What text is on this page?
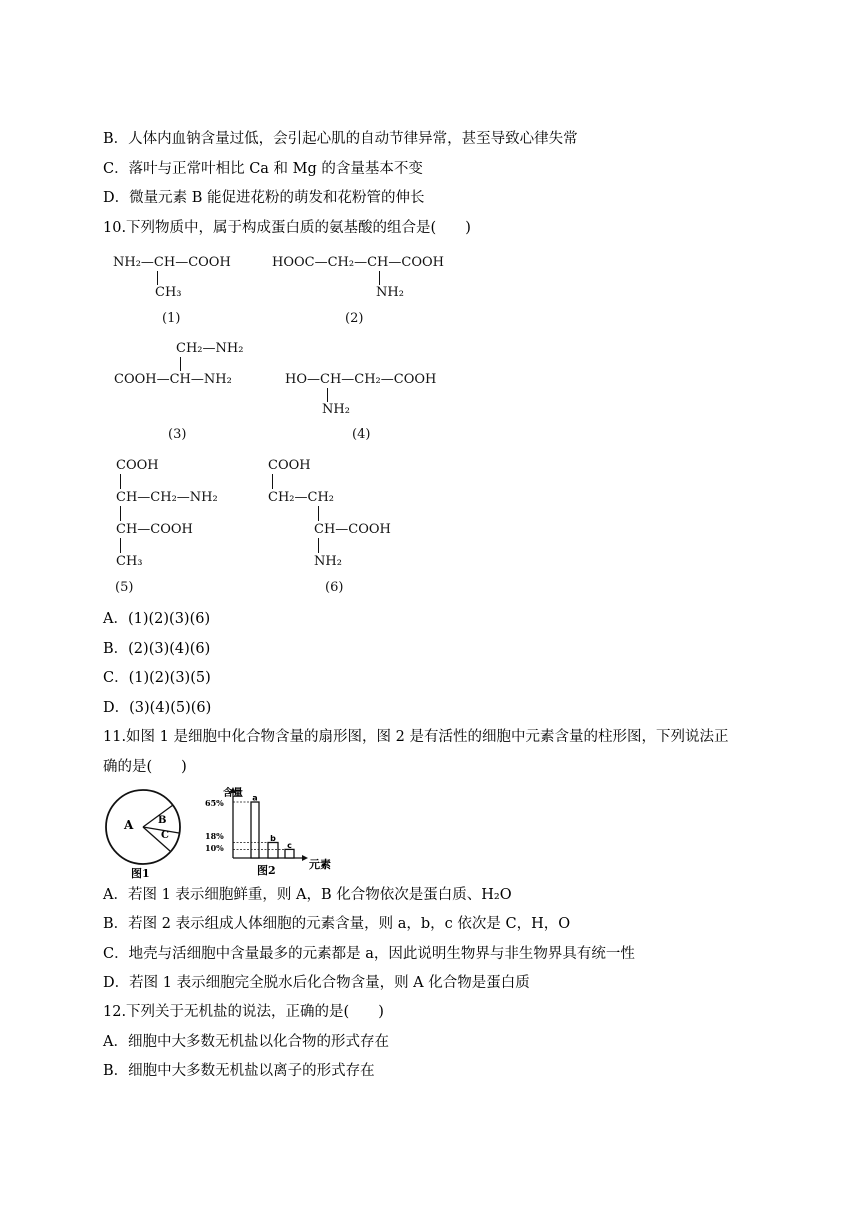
B．人体内血钠含量过低，会引起心肌的自动节律异常，甚至导致心律失常
C．落叶与正常叶相比 Ca 和 Mg 的含量基本不变
D．微量元素 B 能促进花粉的萌发和花粉管的伸长
10.下列物质中，属于构成蛋白质的氨基酸的组合是(　　)
NH₂—CH—COOH
CH₃
(1)
HOOC—CH₂—CH—COOH
NH₂
(2)
CH₂—NH₂
COOH—CH—NH₂
(3)
HO—CH—CH₂—COOH
NH₂
(4)
COOH
CH—CH₂—NH₂
CH—COOH
CH₃
(5)
COOH
CH₂—CH₂
CH—COOH
NH₂
(6)
A．(1)(2)(3)(6)
B．(2)(3)(4)(6)
C．(1)(2)(3)(5)
D．(3)(4)(5)(6)
11.如图 1 是细胞中化合物含量的扇形图，图 2 是有活性的细胞中元素含量的柱形图，下列说法正
确的是(　　)
A B
C
图1
a
b
c
含量
65%
18%
10%
元素
图2
A．若图 1 表示细胞鲜重，则 A，B 化合物依次是蛋白质、H₂O
B．若图 2 表示组成人体细胞的元素含量，则 a，b，c 依次是 C，H，O
C．地壳与活细胞中含量最多的元素都是 a，因此说明生物界与非生物界具有统一性
D．若图 1 表示细胞完全脱水后化合物含量，则 A 化合物是蛋白质
12.下列关于无机盐的说法，正确的是(　　)
A．细胞中大多数无机盐以化合物的形式存在
B．细胞中大多数无机盐以离子的形式存在
